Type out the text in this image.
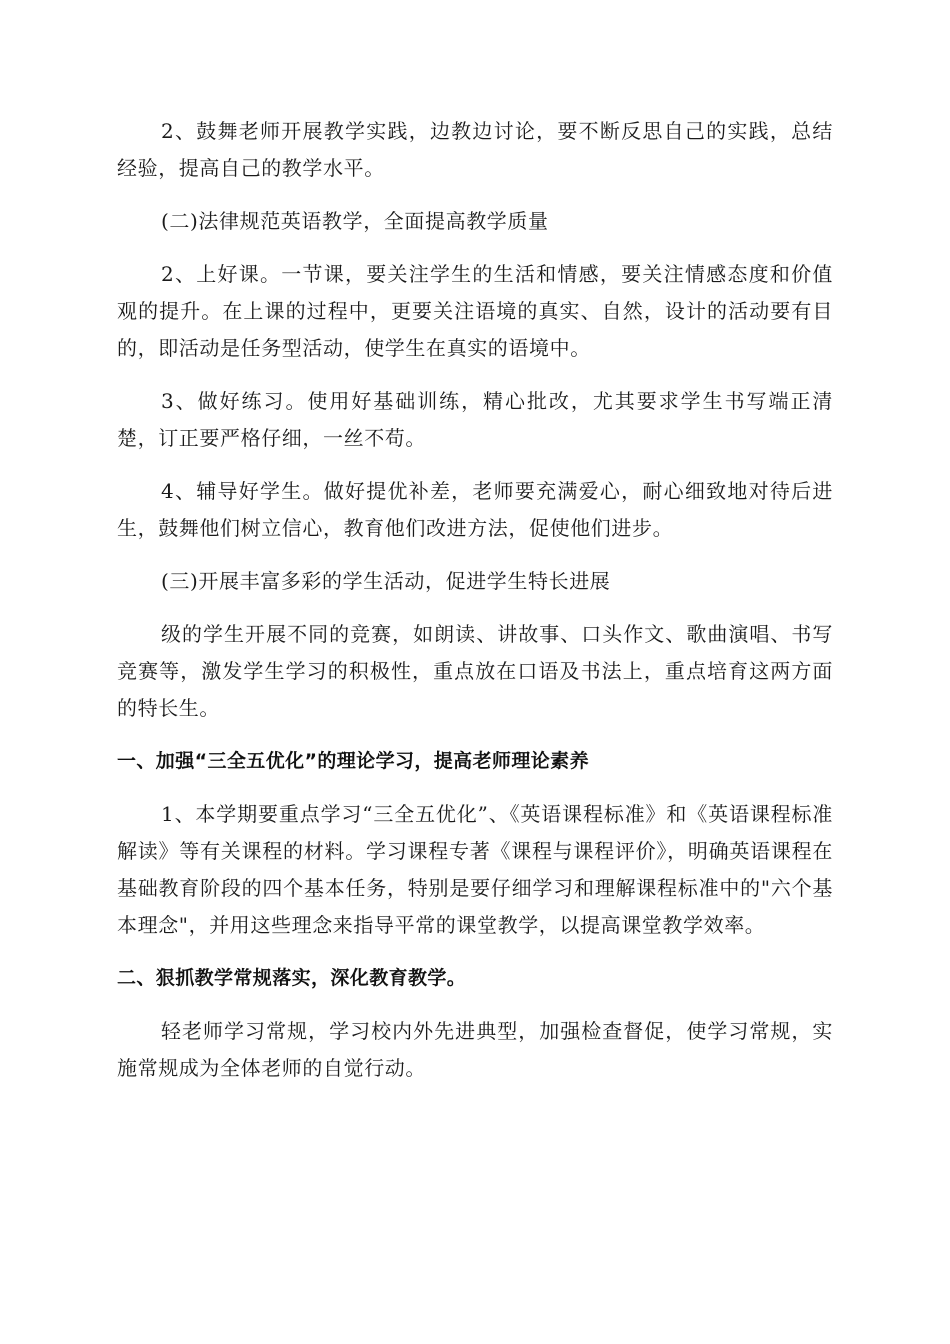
2、鼓舞老师开展教学实践，边教边讨论，要不断反思自己的实践，总结经验，提高自己的教学水平。

(二)法律规范英语教学，全面提高教学质量

2、上好课。一节课，要关注学生的生活和情感，要关注情感态度和价值观的提升。在上课的过程中，更要关注语境的真实、自然，设计的活动要有目的，即活动是任务型活动，使学生在真实的语境中。

3、做好练习。使用好基础训练，精心批改，尤其要求学生书写端正清楚，订正要严格仔细，一丝不苟。

4、辅导好学生。做好提优补差，老师要充满爱心，耐心细致地对待后进生，鼓舞他们树立信心，教育他们改进方法，促使他们进步。

(三)开展丰富多彩的学生活动，促进学生特长进展

级的学生开展不同的竞赛，如朗读、讲故事、口头作文、歌曲演唱、书写竞赛等，激发学生学习的积极性，重点放在口语及书法上，重点培育这两方面的特长生。

一、加强“三全五优化”的理论学习，提高老师理论素养

1、本学期要重点学习“三全五优化”、《英语课程标准》和《英语课程标准解读》等有关课程的材料。学习课程专著《课程与课程评价》，明确英语课程在基础教育阶段的四个基本任务，特别是要仔细学习和理解课程标准中的"六个基本理念"，并用这些理念来指导平常的课堂教学，以提高课堂教学效率。

二、狠抓教学常规落实，深化教育教学。

轻老师学习常规，学习校内外先进典型，加强检查督促，使学习常规，实施常规成为全体老师的自觉行动。
